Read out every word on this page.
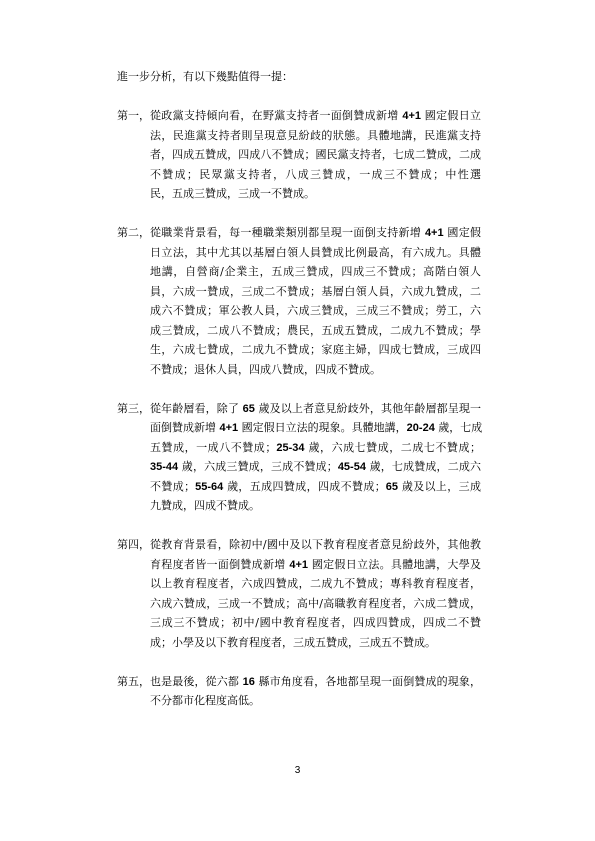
進一步分析，有以下幾點值得一提：
第一， 從政黨支持傾向看，在野黨支持者一面倒贊成新增 4+1 國定假日立
法，民進黨支持者則呈現意見紛歧的狀態。具體地講，民進黨支持
者，四成五贊成，四成八不贊成；國民黨支持者，七成二贊成，二成
不贊成；民眾黨支持者，八成三贊成，一成三不贊成；中性選
民，五成三贊成，三成一不贊成。
第二， 從職業背景看，每一種職業類別都呈現一面倒支持新增 4+1 國定假
日立法，其中尤其以基層白領人員贊成比例最高，有六成九。具體
地講，自營商/企業主，五成三贊成，四成三不贊成；高階白領人
員，六成一贊成，三成二不贊成；基層白領人員，六成九贊成，二
成六不贊成；軍公教人員，六成三贊成，三成三不贊成；勞工，六
成三贊成，二成八不贊成；農民，五成五贊成，二成九不贊成；學
生，六成七贊成，二成九不贊成；家庭主婦，四成七贊成，三成四
不贊成；退休人員，四成八贊成，四成不贊成。
第三， 從年齡層看，除了 65 歲及以上者意見紛歧外，其他年齡層都呈現一
面倒贊成新增 4+1 國定假日立法的現象。具體地講，20-24 歲，七成
五贊成，一成八不贊成；25-34 歲，六成七贊成，二成七不贊成；
35-44 歲，六成三贊成，三成不贊成；45-54 歲，七成贊成，二成六
不贊成；55-64 歲，五成四贊成，四成不贊成；65 歲及以上，三成
九贊成，四成不贊成。
第四， 從教育背景看，除初中/國中及以下教育程度者意見紛歧外，其他教
育程度者皆一面倒贊成新增 4+1 國定假日立法。具體地講，大學及
以上教育程度者，六成四贊成，二成九不贊成；專科教育程度者，
六成六贊成，三成一不贊成；高中/高職教育程度者，六成二贊成，
三成三不贊成；初中/國中教育程度者，四成四贊成，四成二不贊
成；小學及以下教育程度者，三成五贊成，三成五不贊成。
第五， 也是最後，從六都 16 縣市角度看，各地都呈現一面倒贊成的現象，
不分都市化程度高低。
3
